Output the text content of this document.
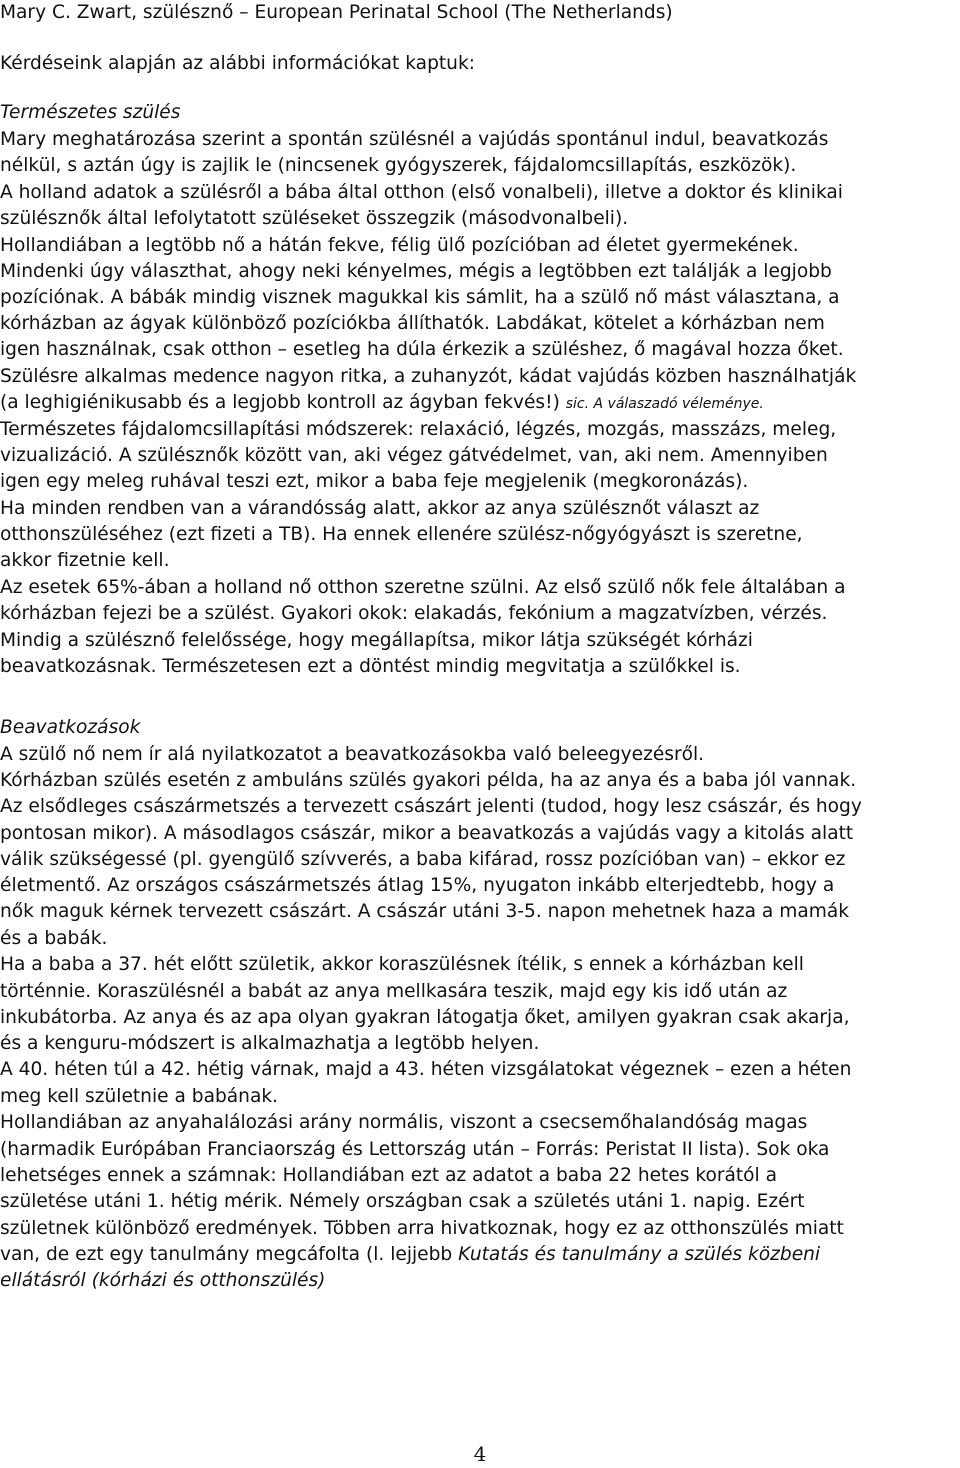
Mary C. Zwart, szülésznő – European Perinatal School (The Netherlands)
Kérdéseink alapján az alábbi információkat kaptuk:
Természetes szülés
Mary meghatározása szerint a spontán szülésnél a vajúdás spontánul indul, beavatkozás
nélkül, s aztán úgy is zajlik le (nincsenek gyógyszerek, fájdalomcsillapítás, eszközök).
A holland adatok a szülésről a bába által otthon (első vonalbeli), illetve a doktor és klinikai
szülésznők által lefolytatott szüléseket összegzik (másodvonalbeli).
Hollandiában a legtöbb nő a hátán fekve, félig ülő pozícióban ad életet gyermekének.
Mindenki úgy választhat, ahogy neki kényelmes, mégis a legtöbben ezt találják a legjobb
pozíciónak. A bábák mindig visznek magukkal kis sámlit, ha a szülő nő mást választana, a
kórházban az ágyak különböző pozíciókba állíthatók. Labdákat, kötelet a kórházban nem
igen használnak, csak otthon – esetleg ha dúla érkezik a szüléshez, ő magával hozza őket.
Szülésre alkalmas medence nagyon ritka, a zuhanyzót, kádat vajúdás közben használhatják
(a leghigiénikusabb és a legjobb kontroll az ágyban fekvés!) sic. A válaszadó véleménye.
Természetes fájdalomcsillapítási módszerek: relaxáció, légzés, mozgás, masszázs, meleg,
vizualizáció. A szülésznők között van, aki végez gátvédelmet, van, aki nem. Amennyiben
igen egy meleg ruhával teszi ezt, mikor a baba feje megjelenik (megkoronázás).
Ha minden rendben van a várandósság alatt, akkor az anya szülésznőt választ az
otthonszüléséhez (ezt fizeti a TB). Ha ennek ellenére szülész-nőgyógyászt is szeretne,
akkor fizetnie kell.
Az esetek 65%-ában a holland nő otthon szeretne szülni. Az első szülő nők fele általában a
kórházban fejezi be a szülést. Gyakori okok: elakadás, fekónium a magzatvízben, vérzés.
Mindig a szülésznő felelőssége, hogy megállapítsa, mikor látja szükségét kórházi
beavatkozásnak. Természetesen ezt a döntést mindig megvitatja a szülőkkel is.
Beavatkozások
A szülő nő nem ír alá nyilatkozatot a beavatkozásokba való beleegyezésről.
Kórházban szülés esetén z ambuláns szülés gyakori példa, ha az anya és a baba jól vannak.
Az elsődleges császármetszés a tervezett császárt jelenti (tudod, hogy lesz császár, és hogy
pontosan mikor). A másodlagos császár, mikor a beavatkozás a vajúdás vagy a kitolás alatt
válik szükségessé (pl. gyengülő szívverés, a baba kifárad, rossz pozícióban van) – ekkor ez
életmentő. Az országos császármetszés átlag 15%, nyugaton inkább elterjedtebb, hogy a
nők maguk kérnek tervezett császárt. A császár utáni 3-5. napon mehetnek haza a mamák
és a babák.
Ha a baba a 37. hét előtt születik, akkor koraszülésnek ítélik, s ennek a kórházban kell
történnie. Koraszülésnél a babát az anya mellkasára teszik, majd egy kis idő után az
inkubátorba. Az anya és az apa olyan gyakran látogatja őket, amilyen gyakran csak akarja,
és a kenguru-módszert is alkalmazhatja a legtöbb helyen.
A 40. héten túl a 42. hétig várnak, majd a 43. héten vizsgálatokat végeznek – ezen a héten
meg kell születnie a babának.
Hollandiában az anyahalálozási arány normális, viszont a csecsemőhalandóság magas
(harmadik Európában Franciaország és Lettország után – Forrás: Peristat II lista). Sok oka
lehetséges ennek a számnak: Hollandiában ezt az adatot a baba 22 hetes korától a
születése utáni 1. hétig mérik. Némely országban csak a születés utáni 1. napig. Ezért
születnek különböző eredmények. Többen arra hivatkoznak, hogy ez az otthonszülés miatt
van, de ezt egy tanulmány megcáfolta (l. lejjebb Kutatás és tanulmány a szülés közbeni
ellátásról (kórházi és otthonszülés)
4
